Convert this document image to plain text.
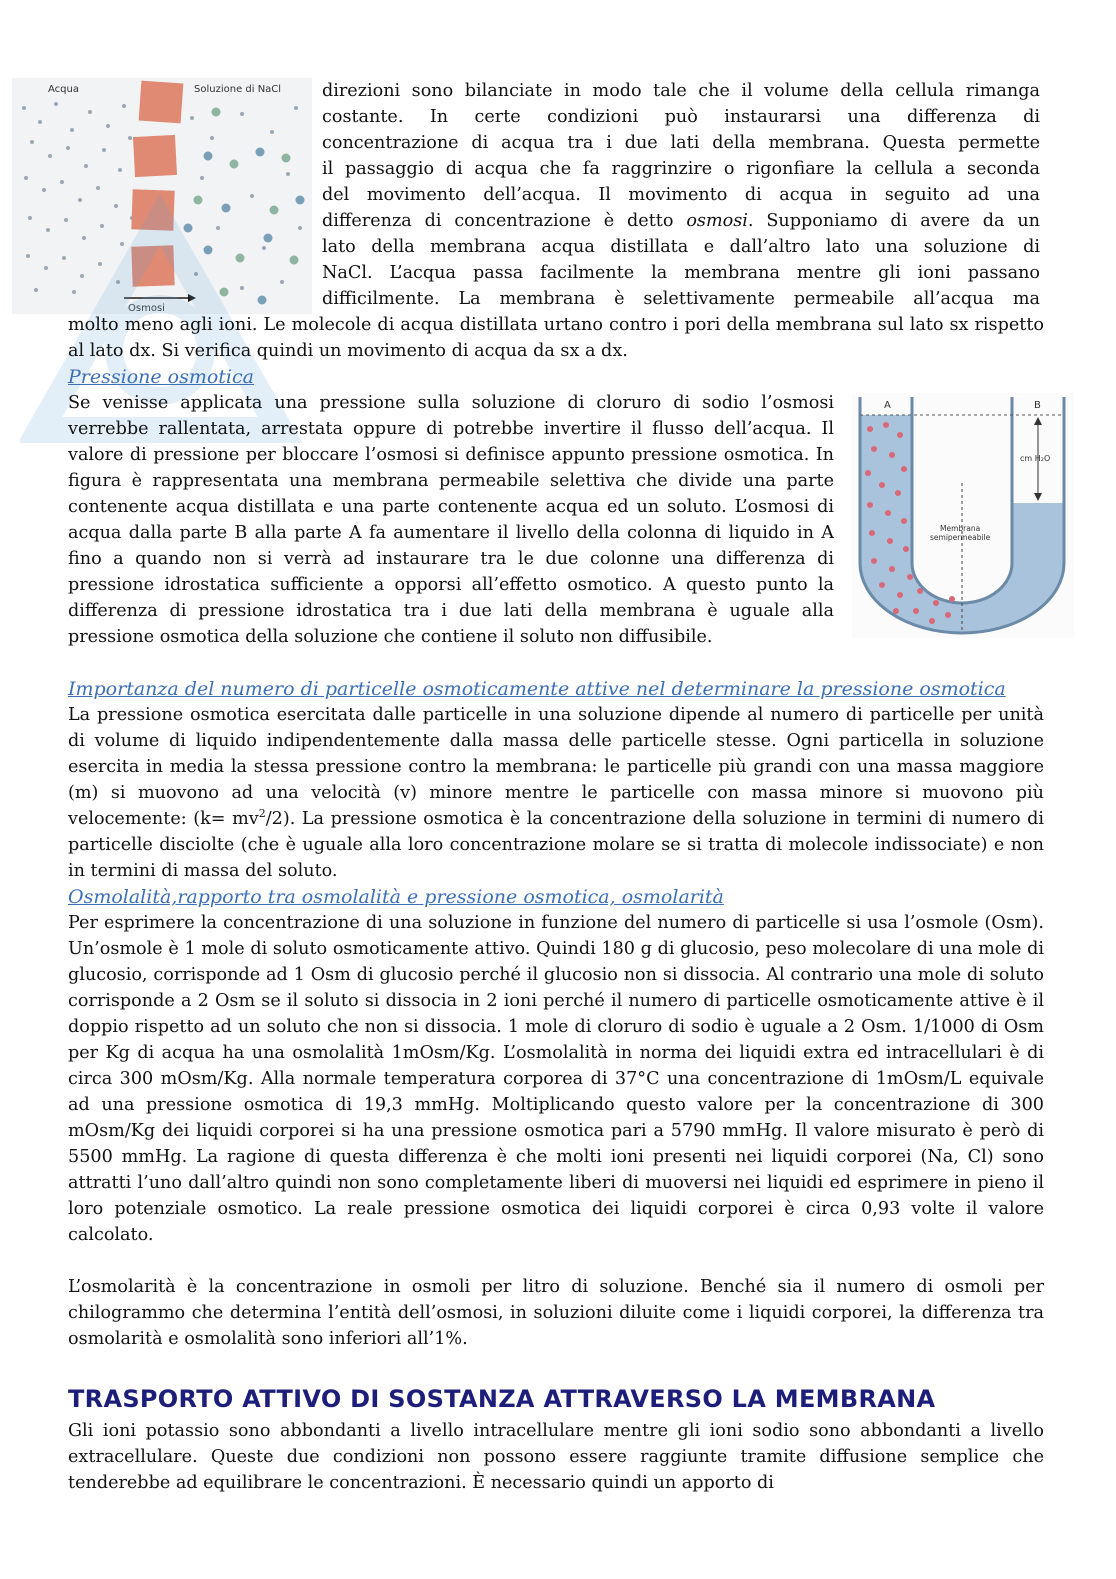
Acqua	Soluzione di NaCl
Osmosi
direzioni sono bilanciate in modo tale che il volume della cellula rimanga
costante. In certe condizioni può instaurarsi una differenza di
concentrazione di acqua tra i due lati della membrana. Questa permette
il passaggio di acqua che fa raggrinzire o rigonfiare la cellula a seconda
del movimento dell’acqua. Il movimento di acqua in seguito ad una
differenza di concentrazione è detto osmosi. Supponiamo di avere da un
lato della membrana acqua distillata e dall’altro lato una soluzione di
NaCl. L’acqua passa facilmente la membrana mentre gli ioni passano
difficilmente. La membrana è selettivamente permeabile all’acqua ma

molto meno agli ioni. Le molecole di acqua distillata urtano contro i pori della membrana sul lato sx rispetto al lato dx. Si verifica quindi un movimento di acqua da sx a dx.

Pressione osmotica

Se venisse applicata una pressione sulla soluzione di cloruro di sodio l’osmosi verrebbe rallentata, arrestata oppure di potrebbe invertire il flusso dell’acqua. Il valore di pressione per bloccare l’osmosi si definisce appunto pressione osmotica. In figura è rappresentata una membrana permeabile selettiva che divide una parte contenente acqua distillata e una parte contenente acqua ed un soluto. L’osmosi di acqua dalla parte B alla parte A fa aumentare il livello della colonna di liquido in A fino a quando non si verrà ad instaurare tra le due colonne una differenza di pressione idrostatica sufficiente a opporsi all’effetto osmotico. A questo punto la differenza di pressione idrostatica tra i due lati della membrana è uguale alla pressione osmotica della soluzione che contiene il soluto non diffusibile.

A	B
cm H₂O
Membrana
semipermeabile

Importanza del numero di particelle osmoticamente attive nel determinare la pressione osmotica

La pressione osmotica esercitata dalle particelle in una soluzione dipende al numero di particelle per unità di volume di liquido indipendentemente dalla massa delle particelle stesse. Ogni particella in soluzione esercita in media la stessa pressione contro la membrana: le particelle più grandi con una massa maggiore (m) si muovono ad una velocità (v) minore mentre le particelle con massa minore si muovono più velocemente: $(k= mv^2/2)$. La pressione osmotica è la concentrazione della soluzione in termini di numero di particelle disciolte (che è uguale alla loro concentrazione molare se si tratta di molecole indissociate) e non in termini di massa del soluto.

Osmolalità,rapporto tra osmolalità e pressione osmotica, osmolarità

Per esprimere la concentrazione di una soluzione in funzione del numero di particelle si usa l’osmole (Osm). Un’osmole è 1 mole di soluto osmoticamente attivo. Quindi 180 g di glucosio, peso molecolare di una mole di glucosio, corrisponde ad 1 Osm di glucosio perché il glucosio non si dissocia. Al contrario una mole di soluto corrisponde a 2 Osm se il soluto si dissocia in 2 ioni perché il numero di particelle osmoticamente attive è il doppio rispetto ad un soluto che non si dissocia. 1 mole di cloruro di sodio è uguale a 2 Osm. 1/1000 di Osm per Kg di acqua ha una osmolalità 1mOsm/Kg. L’osmolalità in norma dei liquidi extra ed intracellulari è di circa 300 mOsm/Kg. Alla normale temperatura corporea di 37°C una concentrazione di 1mOsm/L equivale ad una pressione osmotica di 19,3 mmHg. Moltiplicando questo valore per la concentrazione di 300 mOsm/Kg dei liquidi corporei si ha una pressione osmotica pari a 5790 mmHg. Il valore misurato è però di 5500 mmHg. La ragione di questa differenza è che molti ioni presenti nei liquidi corporei (Na, Cl) sono attratti l’uno dall’altro quindi non sono completamente liberi di muoversi nei liquidi ed esprimere in pieno il loro potenziale osmotico. La reale pressione osmotica dei liquidi corporei è circa 0,93 volte il valore calcolato.

L’osmolarità è la concentrazione in osmoli per litro di soluzione. Benché sia il numero di osmoli per chilogrammo che determina l’entità dell’osmosi, in soluzioni diluite come i liquidi corporei, la differenza tra osmolarità e osmolalità sono inferiori all’1%.

TRASPORTO ATTIVO DI SOSTANZA ATTRAVERSO LA MEMBRANA

Gli ioni potassio sono abbondanti a livello intracellulare mentre gli ioni sodio sono abbondanti a livello extracellulare. Queste due condizioni non possono essere raggiunte tramite diffusione semplice che tenderebbe ad equilibrare le concentrazioni. È necessario quindi un apporto di
